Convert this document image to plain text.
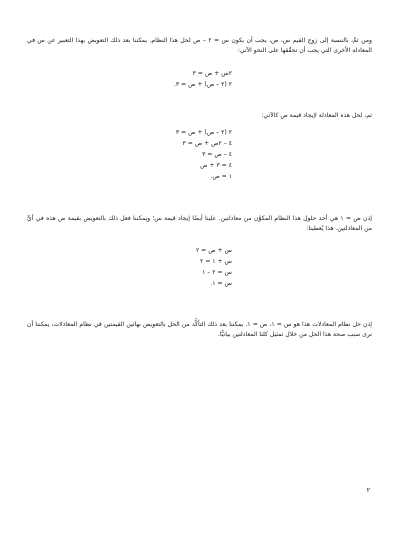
ومن ثمَّ، بالنسبة إلى زوج القيم س، ص، يجب أن يكون س = ٢ – ص لحل هذا النظام. يمكننا بعد ذلك التعويض بهذا التعبير عن س في المعادلة الأخرى التي يجب أن تحقّقها على النحو الآتي:

٢س + ص = ٣
٢ (٢ – ص) + ص = ٣.

ثم، لحل هذه المعادلة لإيجاد قيمة ص كالآتي:

٢ (٢ – ص) + ص = ٣
٤ – ٢ص + ص = ٣
٤ – ص = ٣
٤ = ٣ + ص
١ = ص.

إذن ص = ١ هي أحد حلول هذا النظام المكوَّن من معادلتين. علينا أيضًا إيجاد قيمة س؛ ويمكننا فعل ذلك بالتعويض بقيمة ص هذه في أيٍّ من المعادلتين. هذا يُعطينا:

س + ص = ٢
س + ١ = ٢
س = ٢ – ١
س = ١.

إذن حل نظام المعادلات هذا هو س = ١، ص = ١. يمكننا بعد ذلك التأكُّد من الحل بالتعويض بهاتين القيمتين في نظام المعادلات، يمكننا أن نرى سبب صحة هذا الحل من خلال تمثيل كلتا المعادلتين بيانيًّا.

٢
